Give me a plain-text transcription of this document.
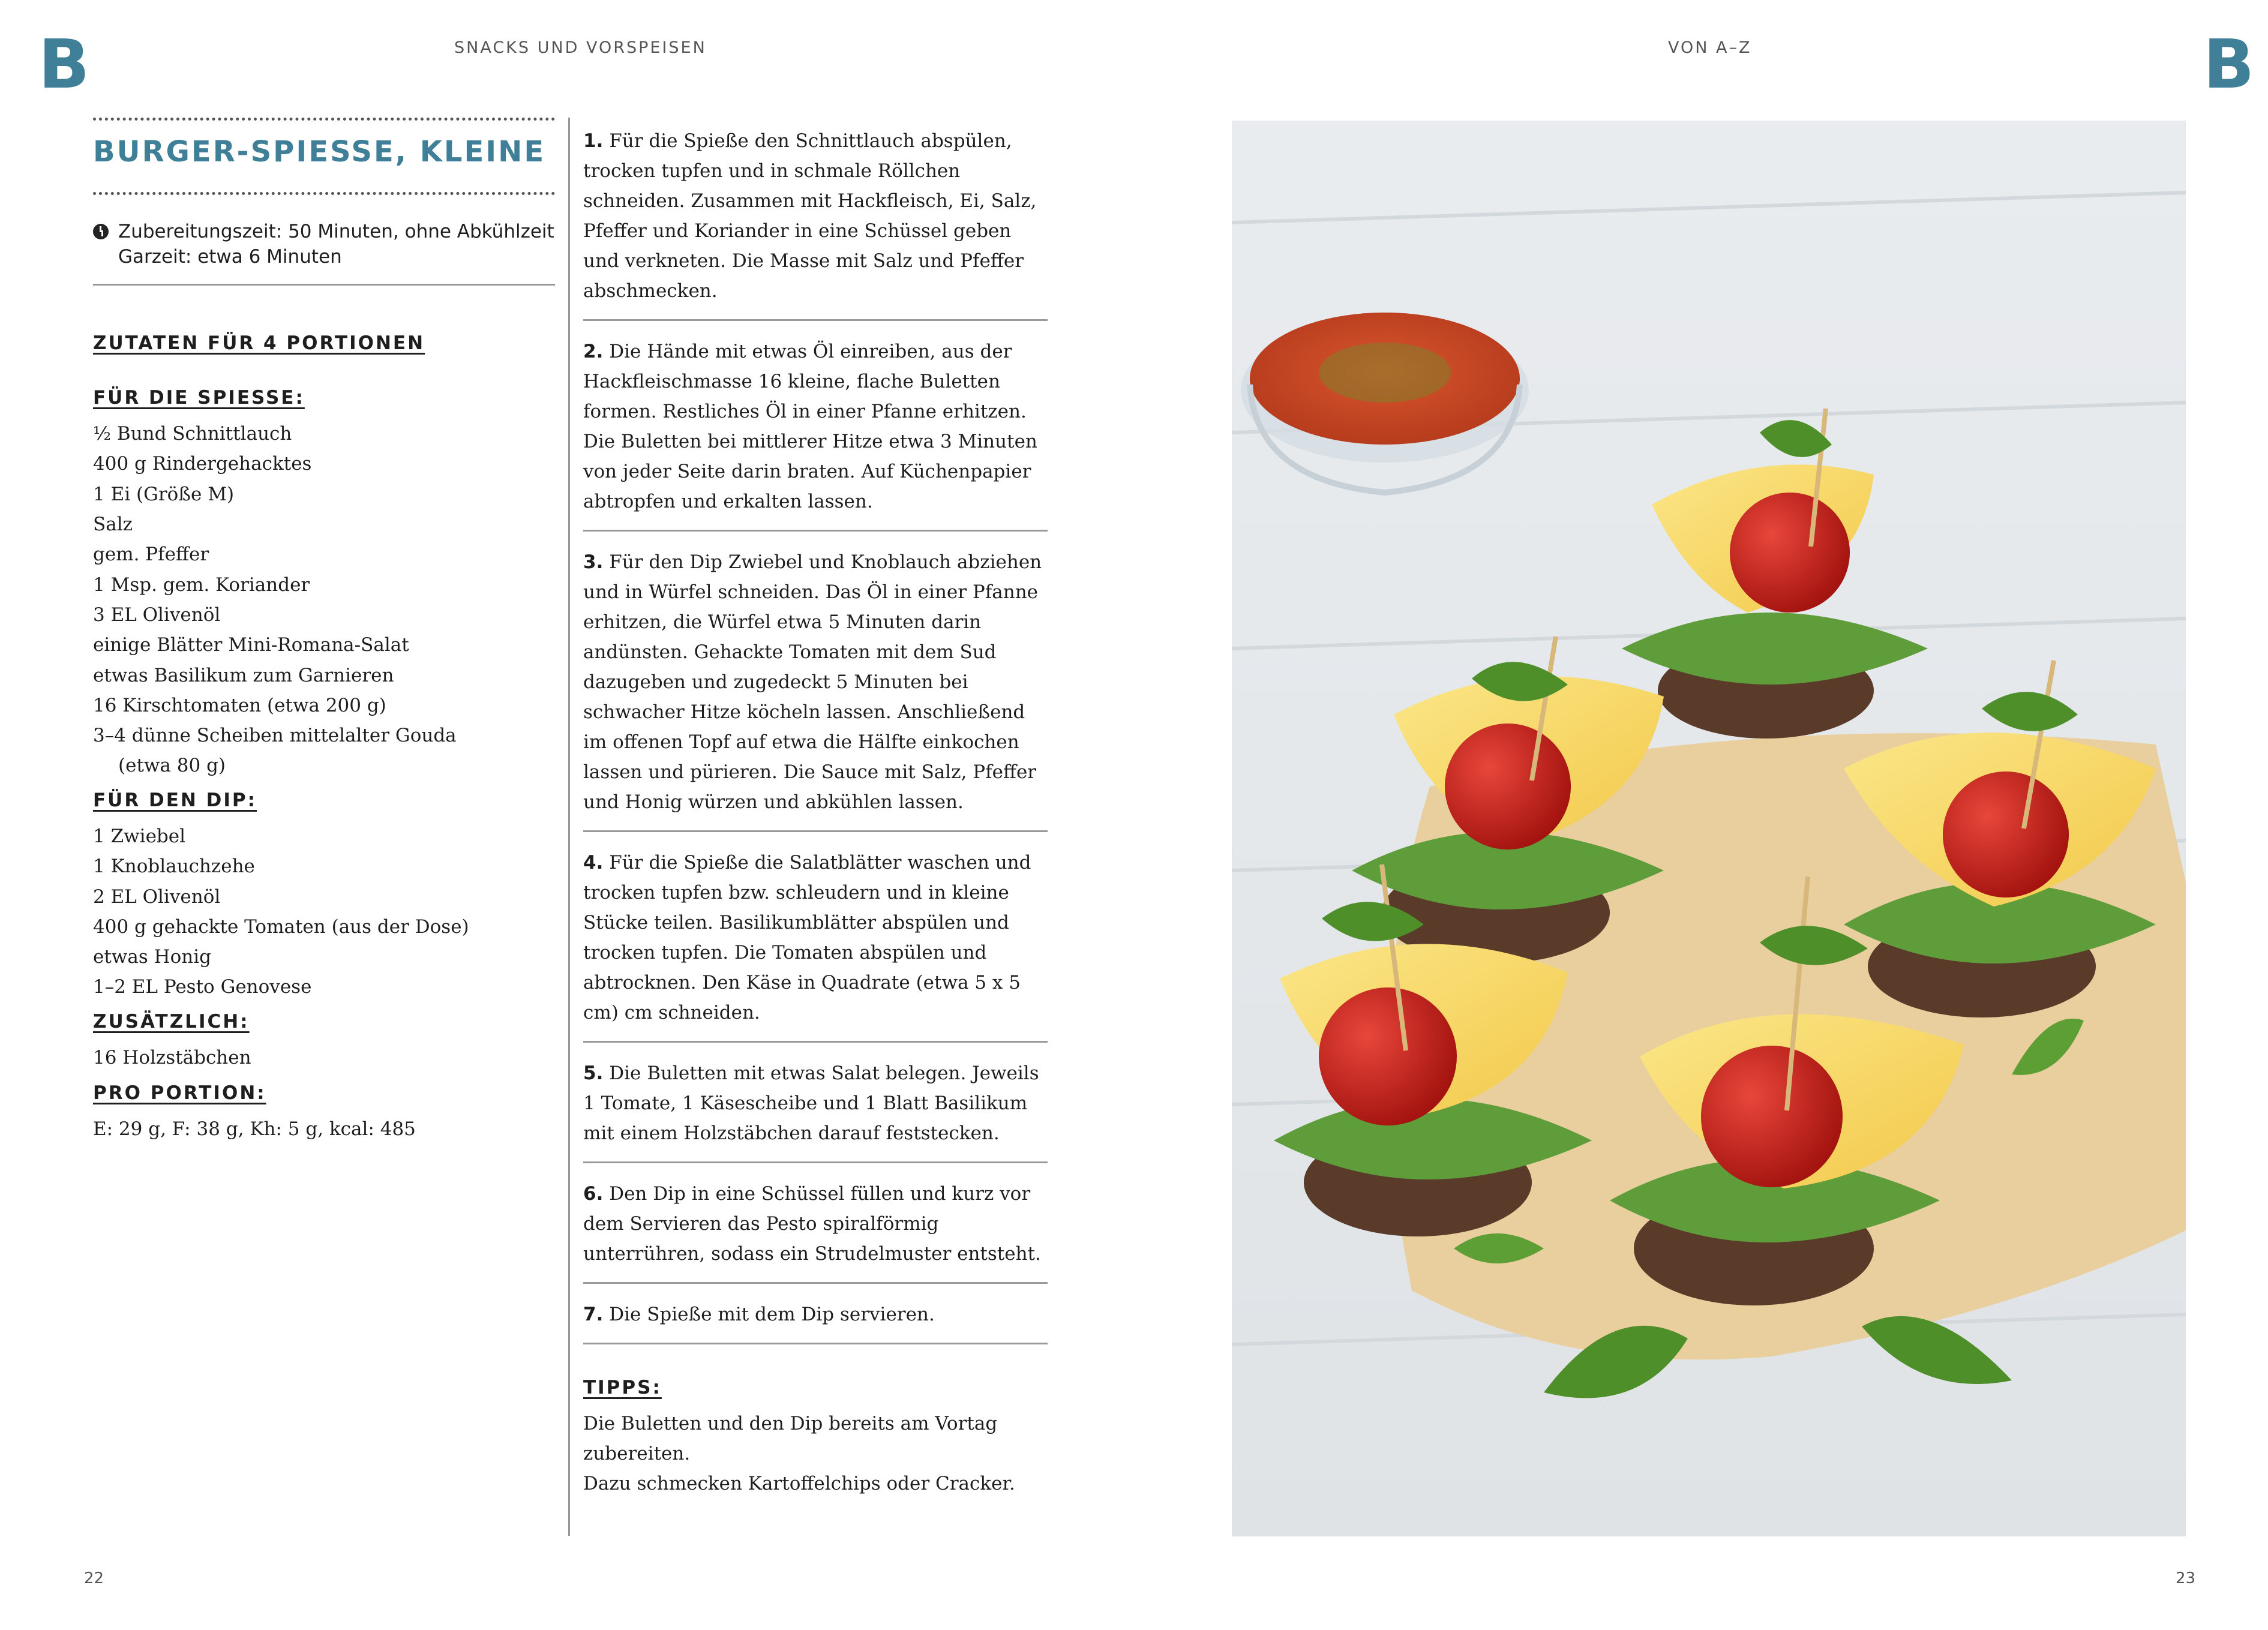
B	SNACKS UND VORSPEISEN	VON A–Z	B
BURGER-SPIESSE, KLEINE
Zubereitungszeit: 50 Minuten, ohne Abkühlzeit
Garzeit: etwa 6 Minuten
ZUTATEN FÜR 4 PORTIONEN
FÜR DIE SPIESSE:
½ Bund Schnittlauch
400 g Rindergehacktes
1 Ei (Größe M)
Salz
gem. Pfeffer
1 Msp. gem. Koriander
3 EL Olivenöl
einige Blätter Mini-Romana-Salat
etwas Basilikum zum Garnieren
16 Kirschtomaten (etwa 200 g)
3–4 dünne Scheiben mittelalter Gouda
(etwa 80 g)
FÜR DEN DIP:
1 Zwiebel
1 Knoblauchzehe
2 EL Olivenöl
400 g gehackte Tomaten (aus der Dose)
etwas Honig
1–2 EL Pesto Genovese
ZUSÄTZLICH:
16 Holzstäbchen
PRO PORTION:
E: 29 g, F: 38 g, Kh: 5 g, kcal: 485
1. Für die Spieße den Schnittlauch abspülen, trocken tupfen und in schmale Röllchen schneiden. Zusammen mit Hackfleisch, Ei, Salz, Pfeffer und Koriander in eine Schüssel geben und verkneten. Die Masse mit Salz und Pfeffer abschmecken.
2. Die Hände mit etwas Öl einreiben, aus der Hackfleischmasse 16 kleine, flache Buletten formen. Restliches Öl in einer Pfanne erhitzen. Die Buletten bei mittlerer Hitze etwa 3 Minuten von jeder Seite darin braten. Auf Küchenpapier abtropfen und erkalten lassen.
3. Für den Dip Zwiebel und Knoblauch abziehen und in Würfel schneiden. Das Öl in einer Pfanne erhitzen, die Würfel etwa 5 Minuten darin andünsten. Gehackte Tomaten mit dem Sud dazugeben und zugedeckt 5 Minuten bei schwacher Hitze köcheln lassen. Anschließend im offenen Topf auf etwa die Hälfte einkochen lassen und pürieren. Die Sauce mit Salz, Pfeffer und Honig würzen und abkühlen lassen.
4. Für die Spieße die Salatblätter waschen und trocken tupfen bzw. schleudern und in kleine Stücke teilen. Basilikumblätter abspülen und trocken tupfen. Die Tomaten abspülen und abtrocknen. Den Käse in Quadrate (etwa 5 x 5 cm) cm schneiden.
5. Die Buletten mit etwas Salat belegen. Jeweils 1 Tomate, 1 Käsescheibe und 1 Blatt Basilikum mit einem Holzstäbchen darauf feststecken.
6. Den Dip in eine Schüssel füllen und kurz vor dem Servieren das Pesto spiralförmig unterrühren, sodass ein Strudelmuster entsteht.
7. Die Spieße mit dem Dip servieren.
TIPPS:
Die Buletten und den Dip bereits am Vortag zubereiten.
Dazu schmecken Kartoffelchips oder Cracker.
22	23
